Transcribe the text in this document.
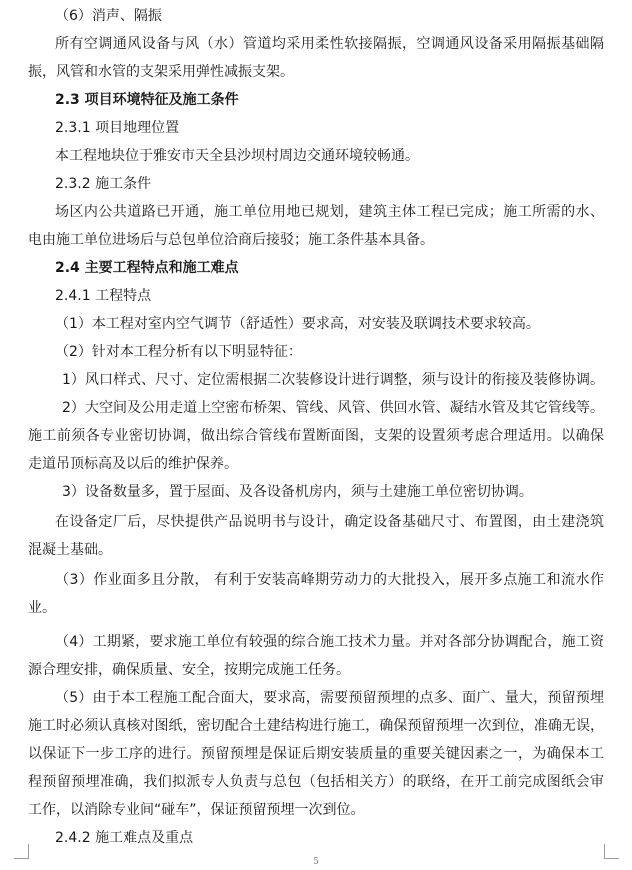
（6）消声、隔振
所有空调通风设备与风（水）管道均采用柔性软接隔振，空调通风设备采用隔振基础隔
振，风管和水管的支架采用弹性减振支架。
2.3 项目环境特征及施工条件
2.3.1 项目地理位置
本工程地块位于雅安市天全县沙坝村周边交通环境较畅通。
2.3.2 施工条件
场区内公共道路已开通，施工单位用地已规划，建筑主体工程已完成；施工所需的水、
电由施工单位进场后与总包单位洽商后接驳；施工条件基本具备。
2.4 主要工程特点和施工难点
2.4.1 工程特点
（1）本工程对室内空气调节（舒适性）要求高，对安装及联调技术要求较高。
（2）针对本工程分析有以下明显特征：
1）风口样式、尺寸、定位需根据二次装修设计进行调整，须与设计的衔接及装修协调。
2）大空间及公用走道上空密布桥架、管线、风管、供回水管、凝结水管及其它管线等。
施工前须各专业密切协调，做出综合管线布置断面图，支架的设置须考虑合理适用。以确保
走道吊顶标高及以后的维护保养。
3）设备数量多，置于屋面、及各设备机房内，须与土建施工单位密切协调。
在设备定厂后，尽快提供产品说明书与设计，确定设备基础尺寸、布置图，由土建浇筑
混凝土基础。
（3）作业面多且分散， 有利于安装高峰期劳动力的大批投入，展开多点施工和流水作
业。
（4）工期紧，要求施工单位有较强的综合施工技术力量。并对各部分协调配合，施工资
源合理安排，确保质量、安全，按期完成施工任务。
（5）由于本工程施工配合面大，要求高，需要预留预埋的点多、面广、量大，预留预埋
施工时必须认真核对图纸，密切配合土建结构进行施工，确保预留预埋一次到位，准确无误，
以保证下一步工序的进行。预留预埋是保证后期安装质量的重要关键因素之一，为确保本工
程预留预埋准确，我们拟派专人负责与总包（包括相关方）的联络，在开工前完成图纸会审
工作，以消除专业间“碰车”，保证预留预埋一次到位。
2.4.2 施工难点及重点
5
